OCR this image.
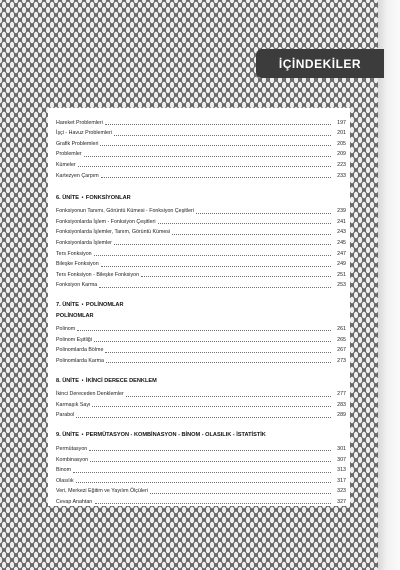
İÇİNDEKİLER
Hareket Problemleri	197
İşçi - Havuz Problemleri	201
Grafik Problemleri	205
Problemler	209
Kümeler	223
Kartezyen Çarpım	233
6. ÜNİTE • FONKSİYONLAR
Fonksiyonun Tanımı, Görüntü Kümesi - Fonksiyon Çeşitleri	239
Fonksiyonlarda İşlem - Fonksiyon Çeşitleri	241
Fonksiyonlarda İşlemler, Tanım, Görüntü Kümesi	243
Fonksiyonlarda İşlemler	245
Ters Fonksiyon	247
Bileşke Fonksiyon	249
Ters Fonksiyon - Bileşke Fonksiyon	251
Fonksiyon Karma	253
7. ÜNİTE • POLİNOMLAR
POLİNOMLAR
Polinom	261
Polinom Eşitliği	265
Polinomlarda Bölme	267
Polinomlarda Karma	273
8. ÜNİTE • İKİNCİ DERECE DENKLEM
İkinci Dereceden Denklemler	277
Karmaşık Sayı	283
Parabol	289
9. ÜNİTE • PERMÜTASYON - KOMBİNASYON - BİNOM - OLASILIK - İSTATİSTİK
Permütasyon	301
Kombinasyon	307
Binom	313
Olasılık	317
Veri, Merkezi Eğitim ve Yayılım Ölçüleri	323
Cevap Anahtarı	327
